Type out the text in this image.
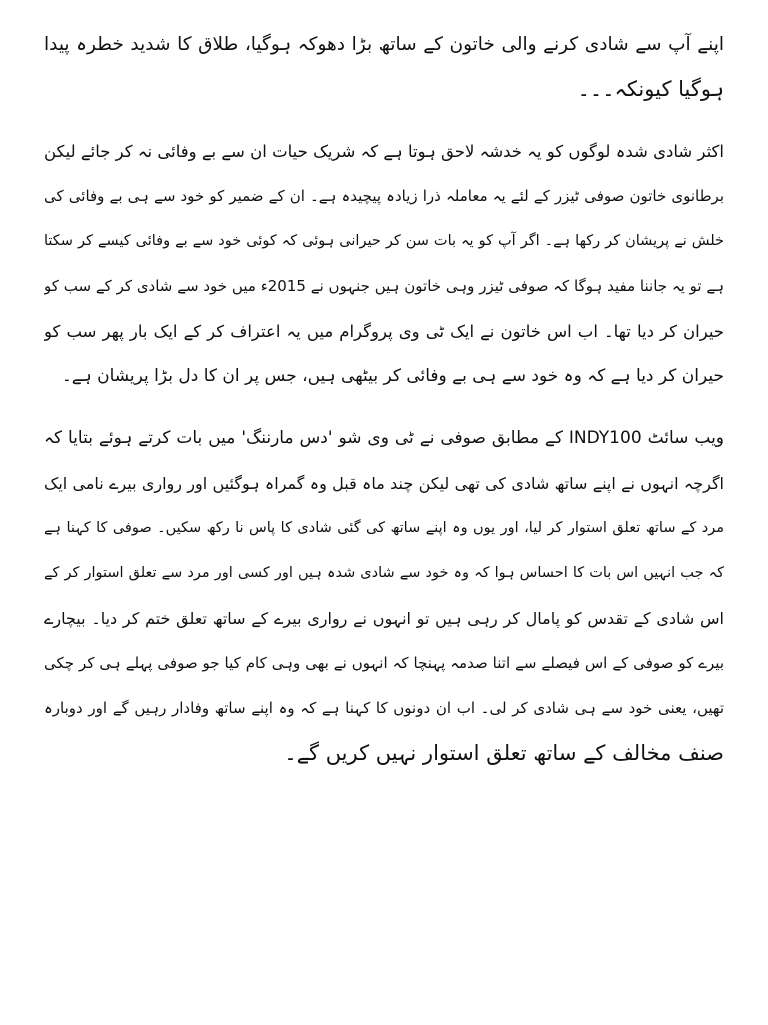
اپنے آپ سے شادی کرنے والی خاتون کے ساتھ بڑا دھوکہ ہوگیا، طلاق کا شدید خطرہ پیدا
ہوگیا کیونکہ۔۔۔
اکثر شادی شدہ لوگوں کو یہ خدشہ لاحق ہوتا ہے کہ شریک حیات ان سے بے وفائی نہ کر جائے لیکن
برطانوی خاتون صوفی ٹیزر کے لئے یہ معاملہ ذرا زیادہ پیچیدہ ہے۔ ان کے ضمیر کو خود سے ہی بے وفائی کی
خلش نے پریشان کر رکھا ہے۔ اگر آپ کو یہ بات سن کر حیرانی ہوئی کہ کوئی خود سے بے وفائی کیسے کر سکتا
ہے تو یہ جاننا مفید ہوگا کہ صوفی ٹیزر وہی خاتون ہیں جنہوں نے 2015ء میں خود سے شادی کر کے سب کو
حیران کر دیا تھا۔ اب اس خاتون نے ایک ٹی وی پروگرام میں یہ اعتراف کر کے ایک بار پھر سب کو
حیران کر دیا ہے کہ وہ خود سے ہی بے وفائی کر بیٹھی ہیں، جس پر ان کا دل بڑا پریشان ہے۔
ویب سائٹ INDY100 کے مطابق صوفی نے ٹی وی شو 'دس مارننگ' میں بات کرتے ہوئے بتایا کہ
اگرچہ انہوں نے اپنے ساتھ شادی کی تھی لیکن چند ماہ قبل وہ گمراہ ہوگئیں اور رواری بیرے نامی ایک
مرد کے ساتھ تعلق استوار کر لیا، اور یوں وہ اپنے ساتھ کی گئی شادی کا پاس نا رکھ سکیں۔ صوفی کا کہنا ہے
کہ جب انہیں اس بات کا احساس ہوا کہ وہ خود سے شادی شدہ ہیں اور کسی اور مرد سے تعلق استوار کر کے
اس شادی کے تقدس کو پامال کر رہی ہیں تو انہوں نے رواری بیرے کے ساتھ تعلق ختم کر دیا۔ بیچارے
بیرے کو صوفی کے اس فیصلے سے اتنا صدمہ پہنچا کہ انہوں نے بھی وہی کام کیا جو صوفی پہلے ہی کر چکی
تھیں، یعنی خود سے ہی شادی کر لی۔ اب ان دونوں کا کہنا ہے کہ وہ اپنے ساتھ وفادار رہیں گے اور دوبارہ
صنف مخالف کے ساتھ تعلق استوار نہیں کریں گے۔
